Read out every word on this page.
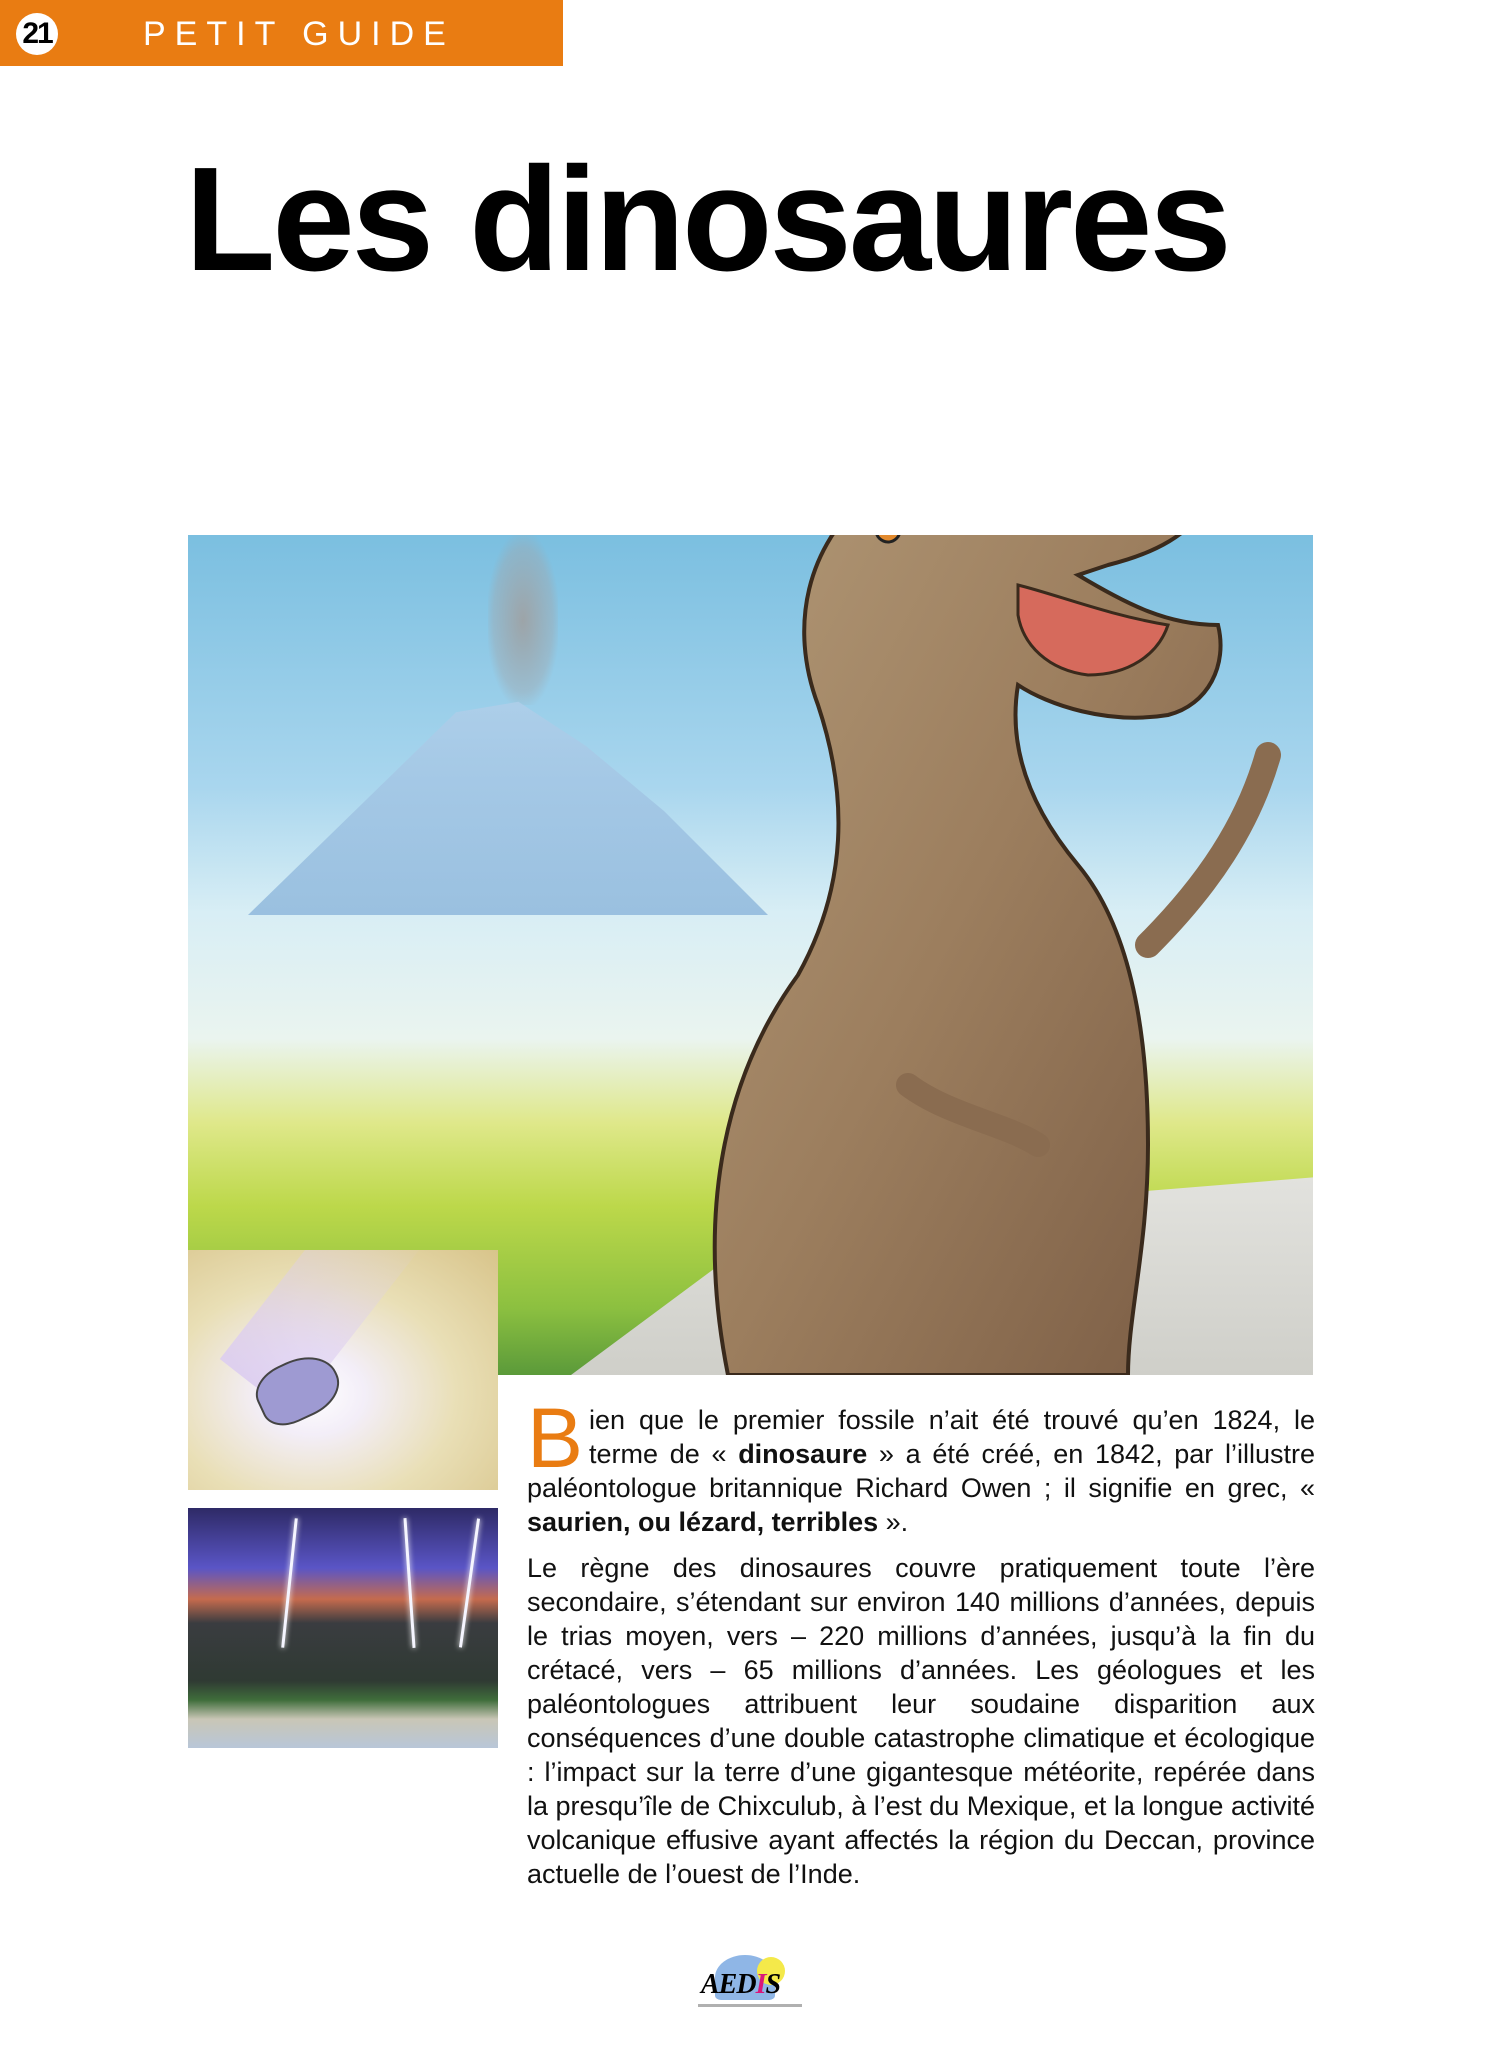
21	PETIT GUIDE
Les dinosaures

Bien que le premier fossile n’ait été trouvé qu’en 1824, le terme de « dinosaure » a été créé, en 1842, par l’illustre paléontologue britannique Richard Owen ; il signifie en grec, « saurien, ou lézard, terribles ».

Le règne des dinosaures couvre pratiquement toute l’ère secondaire, s’étendant sur environ 140 millions d’années, depuis le trias moyen, vers – 220 millions d’années, jusqu’à la fin du crétacé, vers – 65 millions d’années. Les géologues et les paléontologues attribuent leur soudaine disparition aux conséquences d’une double catastrophe climatique et écologique : l’impact sur la terre d’une gigantesque météorite, repérée dans la presqu’île de Chixculub, à l’est du Mexique, et la longue activité volcanique effusive ayant affectés la région du Deccan, province actuelle de l’ouest de l’Inde.

AEDIS
